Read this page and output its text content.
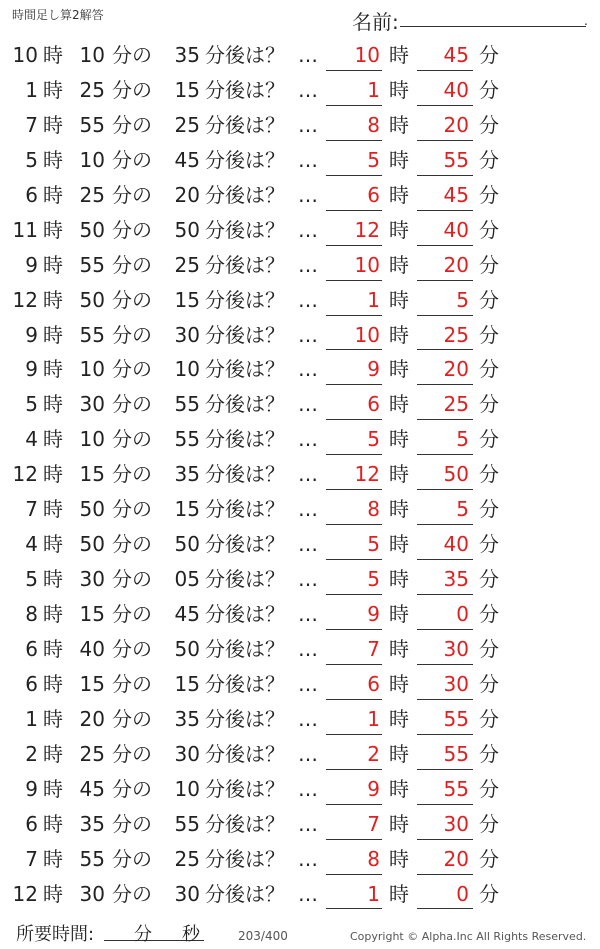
時間足し算2解答	名前:	.
10 時 10 分の	35 分後は？ …	10 時	45 分
1 時 25 分の	15 分後は？ …	1 時	40 分
7 時 55 分の	25 分後は？ …	8 時	20 分
5 時 10 分の	45 分後は？ …	5 時	55 分
6 時 25 分の	20 分後は？ …	6 時	45 分
11 時 50 分の	50 分後は？ …	12 時	40 分
9 時 55 分の	25 分後は？ …	10 時	20 分
12 時 50 分の	15 分後は？ …	1 時	5 分
9 時 55 分の	30 分後は？ …	10 時	25 分
9 時 10 分の	10 分後は？ …	9 時	20 分
5 時 30 分の	55 分後は？ …	6 時	25 分
4 時 10 分の	55 分後は？ …	5 時	5 分
12 時 15 分の	35 分後は？ …	12 時	50 分
7 時 50 分の	15 分後は？ …	8 時	5 分
4 時 50 分の	50 分後は？ …	5 時	40 分
5 時 30 分の	05 分後は？ …	5 時	35 分
8 時 15 分の	45 分後は？ …	9 時	0 分
6 時 40 分の	50 分後は？ …	7 時	30 分
6 時 15 分の	15 分後は？ …	6 時	30 分
1 時 20 分の	35 分後は？ …	1 時	55 分
2 時 25 分の	30 分後は？ …	2 時	55 分
9 時 45 分の	10 分後は？ …	9 時	55 分
6 時 35 分の	55 分後は？ …	7 時	30 分
7 時 55 分の	25 分後は？ …	8 時	20 分
12 時 30 分の	30 分後は？ …	1 時	0 分
所要時間: 分 秒	203/400	Copyright © Alpha.Inc All Rights Reserved.
